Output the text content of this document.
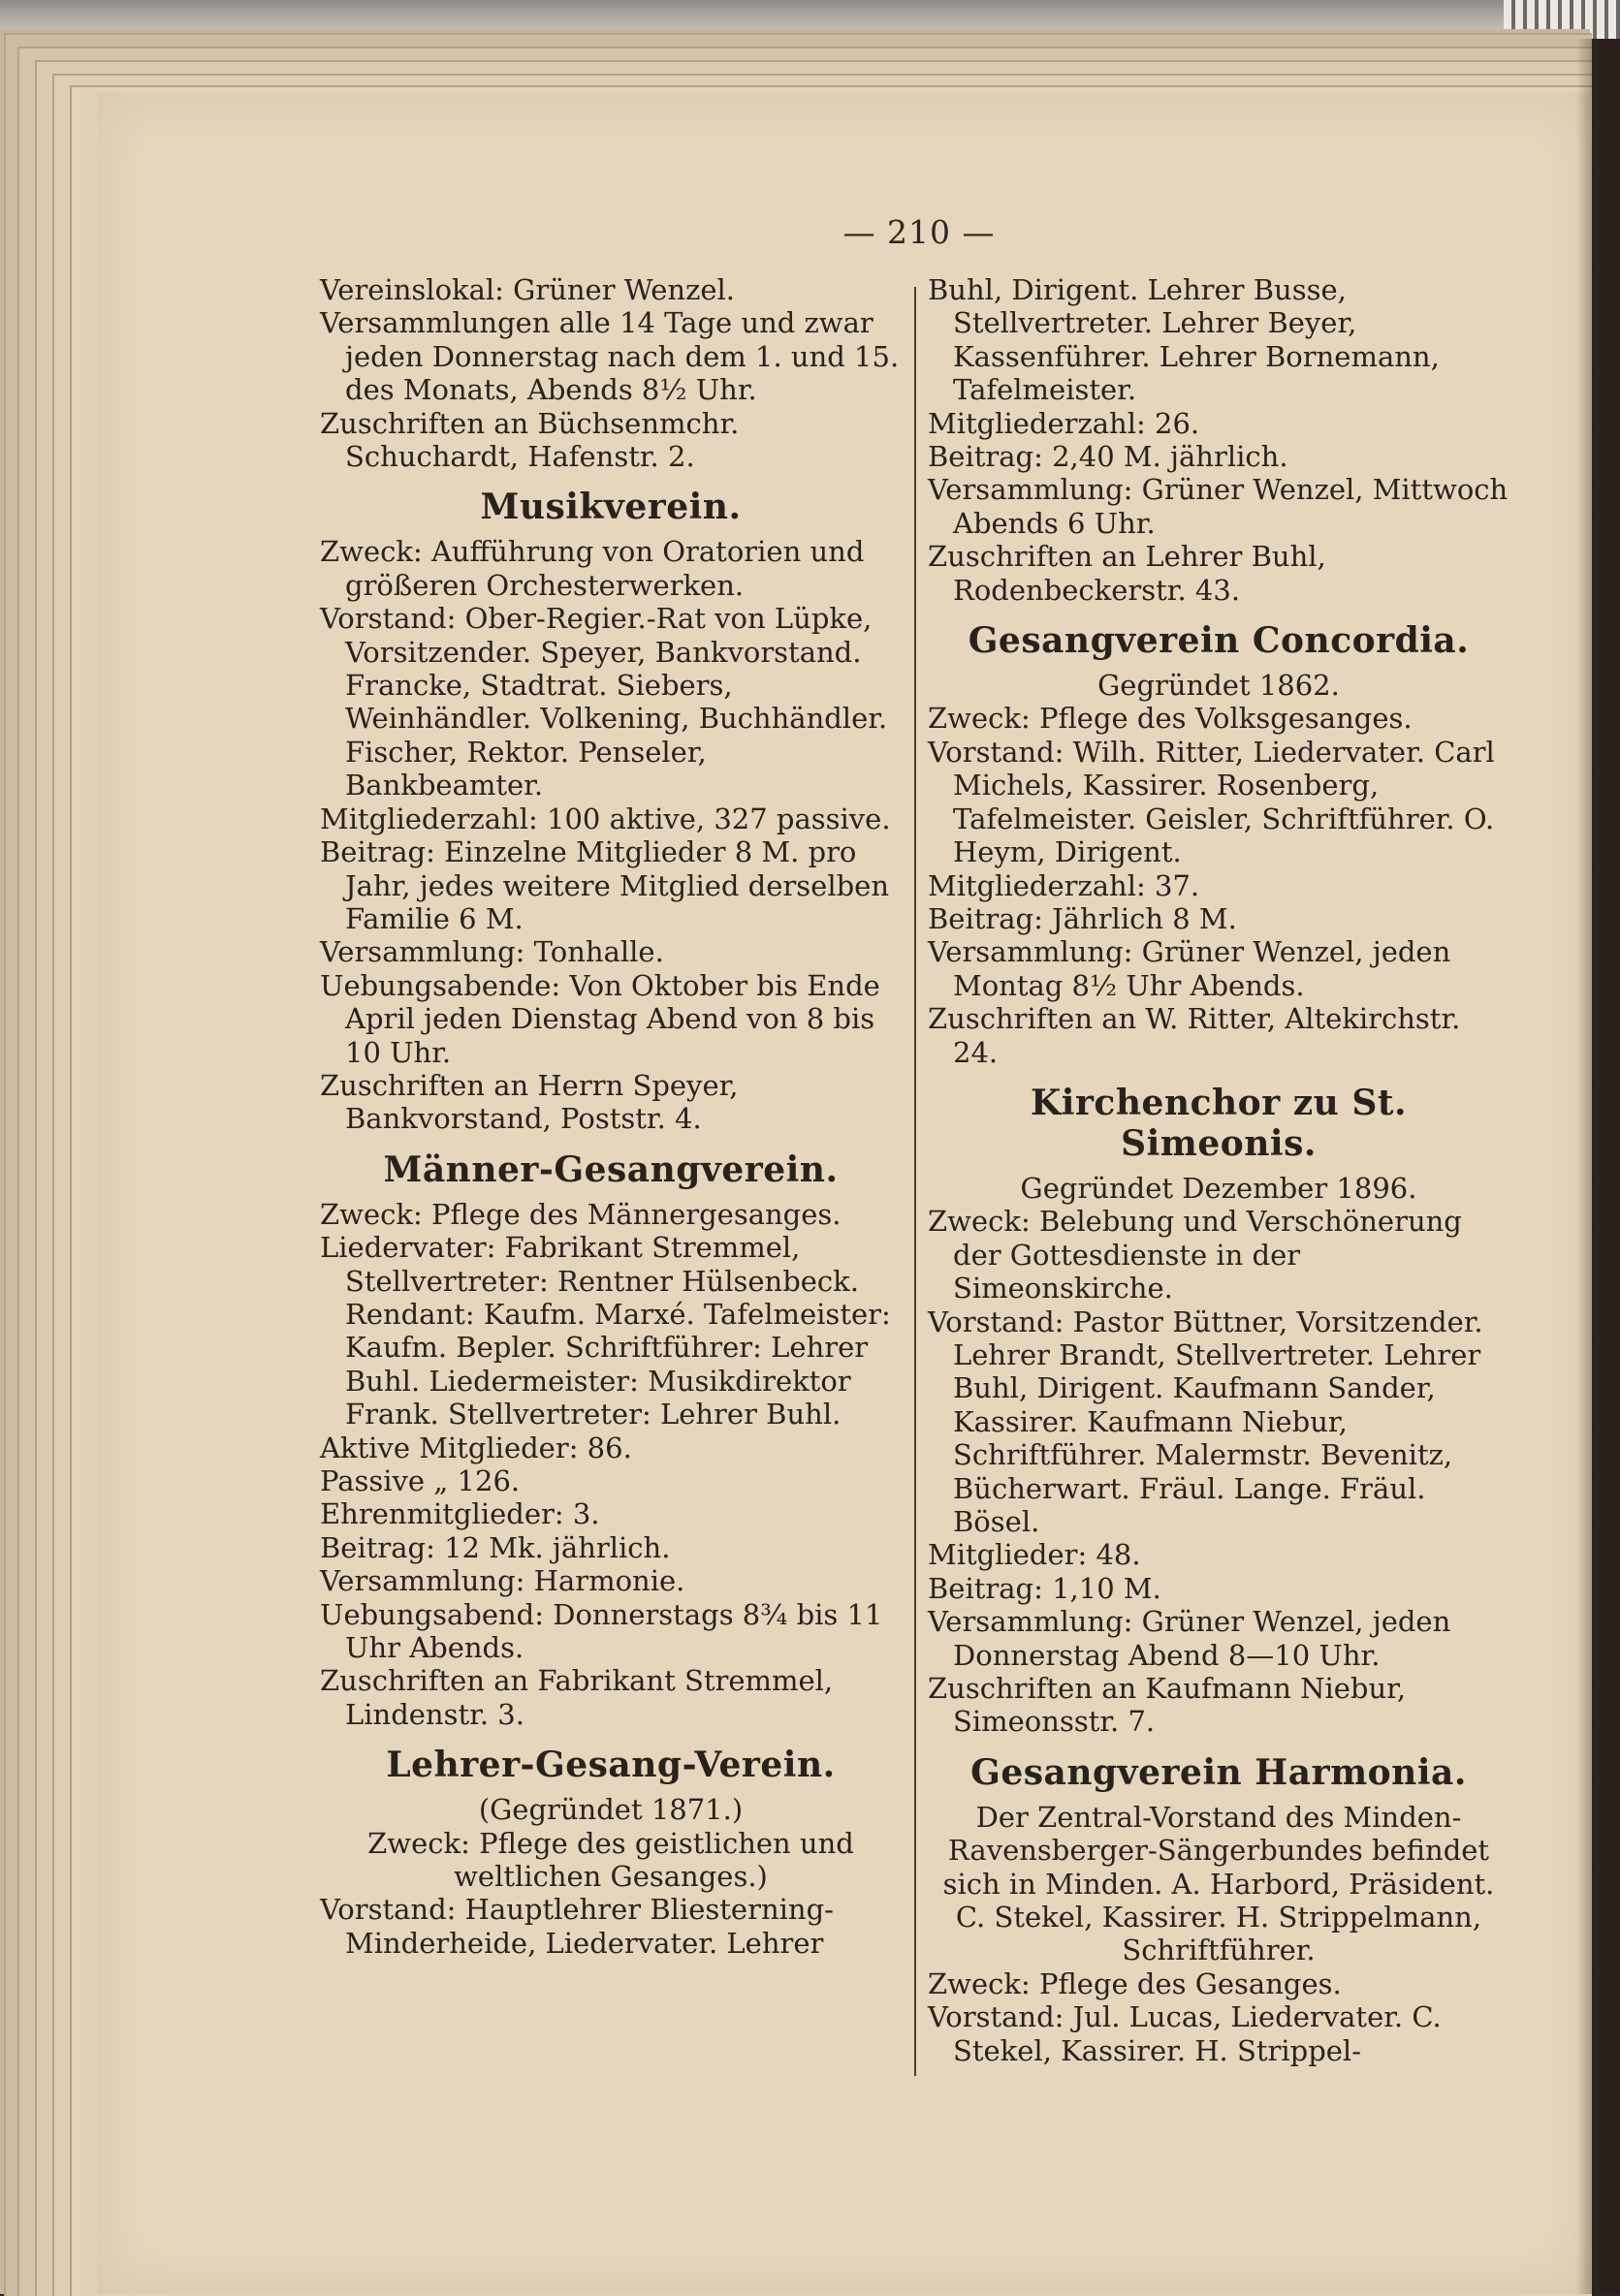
— 210 —

Vereinslokal: Grüner Wenzel.

Versammlungen alle 14 Tage und zwar jeden Donnerstag nach dem 1. und 15. des Monats, Abends 8½ Uhr.

Zuschriften an Büchsenmchr. Schuchardt, Hafenstr. 2.

Musikverein.

Zweck: Aufführung von Oratorien und größeren Orchesterwerken.

Vorstand: Ober-Regier.-Rat von Lüpke, Vorsitzender. Speyer, Bankvorstand. Francke, Stadtrat. Siebers, Weinhändler. Volkening, Buchhändler. Fischer, Rektor. Penseler, Bankbeamter.

Mitgliederzahl: 100 aktive, 327 passive.

Beitrag: Einzelne Mitglieder 8 M. pro Jahr, jedes weitere Mitglied derselben Familie 6 M.

Versammlung: Tonhalle.

Uebungsabende: Von Oktober bis Ende April jeden Dienstag Abend von 8 bis 10 Uhr.

Zuschriften an Herrn Speyer, Bankvorstand, Poststr. 4.

Männer-Gesangverein.

Zweck: Pflege des Männergesanges.

Liedervater: Fabrikant Stremmel, Stellvertreter: Rentner Hülsenbeck. Rendant: Kaufm. Marxé. Tafelmeister: Kaufm. Bepler. Schriftführer: Lehrer Buhl. Liedermeister: Musikdirektor Frank. Stellvertreter: Lehrer Buhl.

Aktive Mitglieder: 86.

Passive „ 126.

Ehrenmitglieder: 3.

Beitrag: 12 Mk. jährlich.

Versammlung: Harmonie.

Uebungsabend: Donnerstags 8¾ bis 11 Uhr Abends.

Zuschriften an Fabrikant Stremmel, Lindenstr. 3.

Lehrer-Gesang-Verein.

(Gegründet 1871.)

Zweck: Pflege des geistlichen und weltlichen Gesanges.)

Vorstand: Hauptlehrer Bliesterning-Minderheide, Liedervater. Lehrer

Buhl, Dirigent. Lehrer Busse, Stellvertreter. Lehrer Beyer, Kassenführer. Lehrer Bornemann, Tafelmeister.

Mitgliederzahl: 26.

Beitrag: 2,40 M. jährlich.

Versammlung: Grüner Wenzel, Mittwoch Abends 6 Uhr.

Zuschriften an Lehrer Buhl, Rodenbeckerstr. 43.

Gesangverein Concordia.

Gegründet 1862.

Zweck: Pflege des Volksgesanges.

Vorstand: Wilh. Ritter, Liedervater. Carl Michels, Kassirer. Rosenberg, Tafelmeister. Geisler, Schriftführer. O. Heym, Dirigent.

Mitgliederzahl: 37.

Beitrag: Jährlich 8 M.

Versammlung: Grüner Wenzel, jeden Montag 8½ Uhr Abends.

Zuschriften an W. Ritter, Altekirchstr. 24.

Kirchenchor zu St. Simeonis.

Gegründet Dezember 1896.

Zweck: Belebung und Verschönerung der Gottesdienste in der Simeonskirche.

Vorstand: Pastor Büttner, Vorsitzender. Lehrer Brandt, Stellvertreter. Lehrer Buhl, Dirigent. Kaufmann Sander, Kassirer. Kaufmann Niebur, Schriftführer. Malermstr. Bevenitz, Bücherwart. Fräul. Lange. Fräul. Bösel.

Mitglieder: 48.

Beitrag: 1,10 M.

Versammlung: Grüner Wenzel, jeden Donnerstag Abend 8—10 Uhr.

Zuschriften an Kaufmann Niebur, Simeonsstr. 7.

Gesangverein Harmonia.

Der Zentral-Vorstand des Minden-Ravensberger-Sängerbundes befindet sich in Minden. A. Harbord, Präsident. C. Stekel, Kassirer. H. Strippelmann, Schriftführer.

Zweck: Pflege des Gesanges.

Vorstand: Jul. Lucas, Liedervater. C. Stekel, Kassirer. H. Strippel-
